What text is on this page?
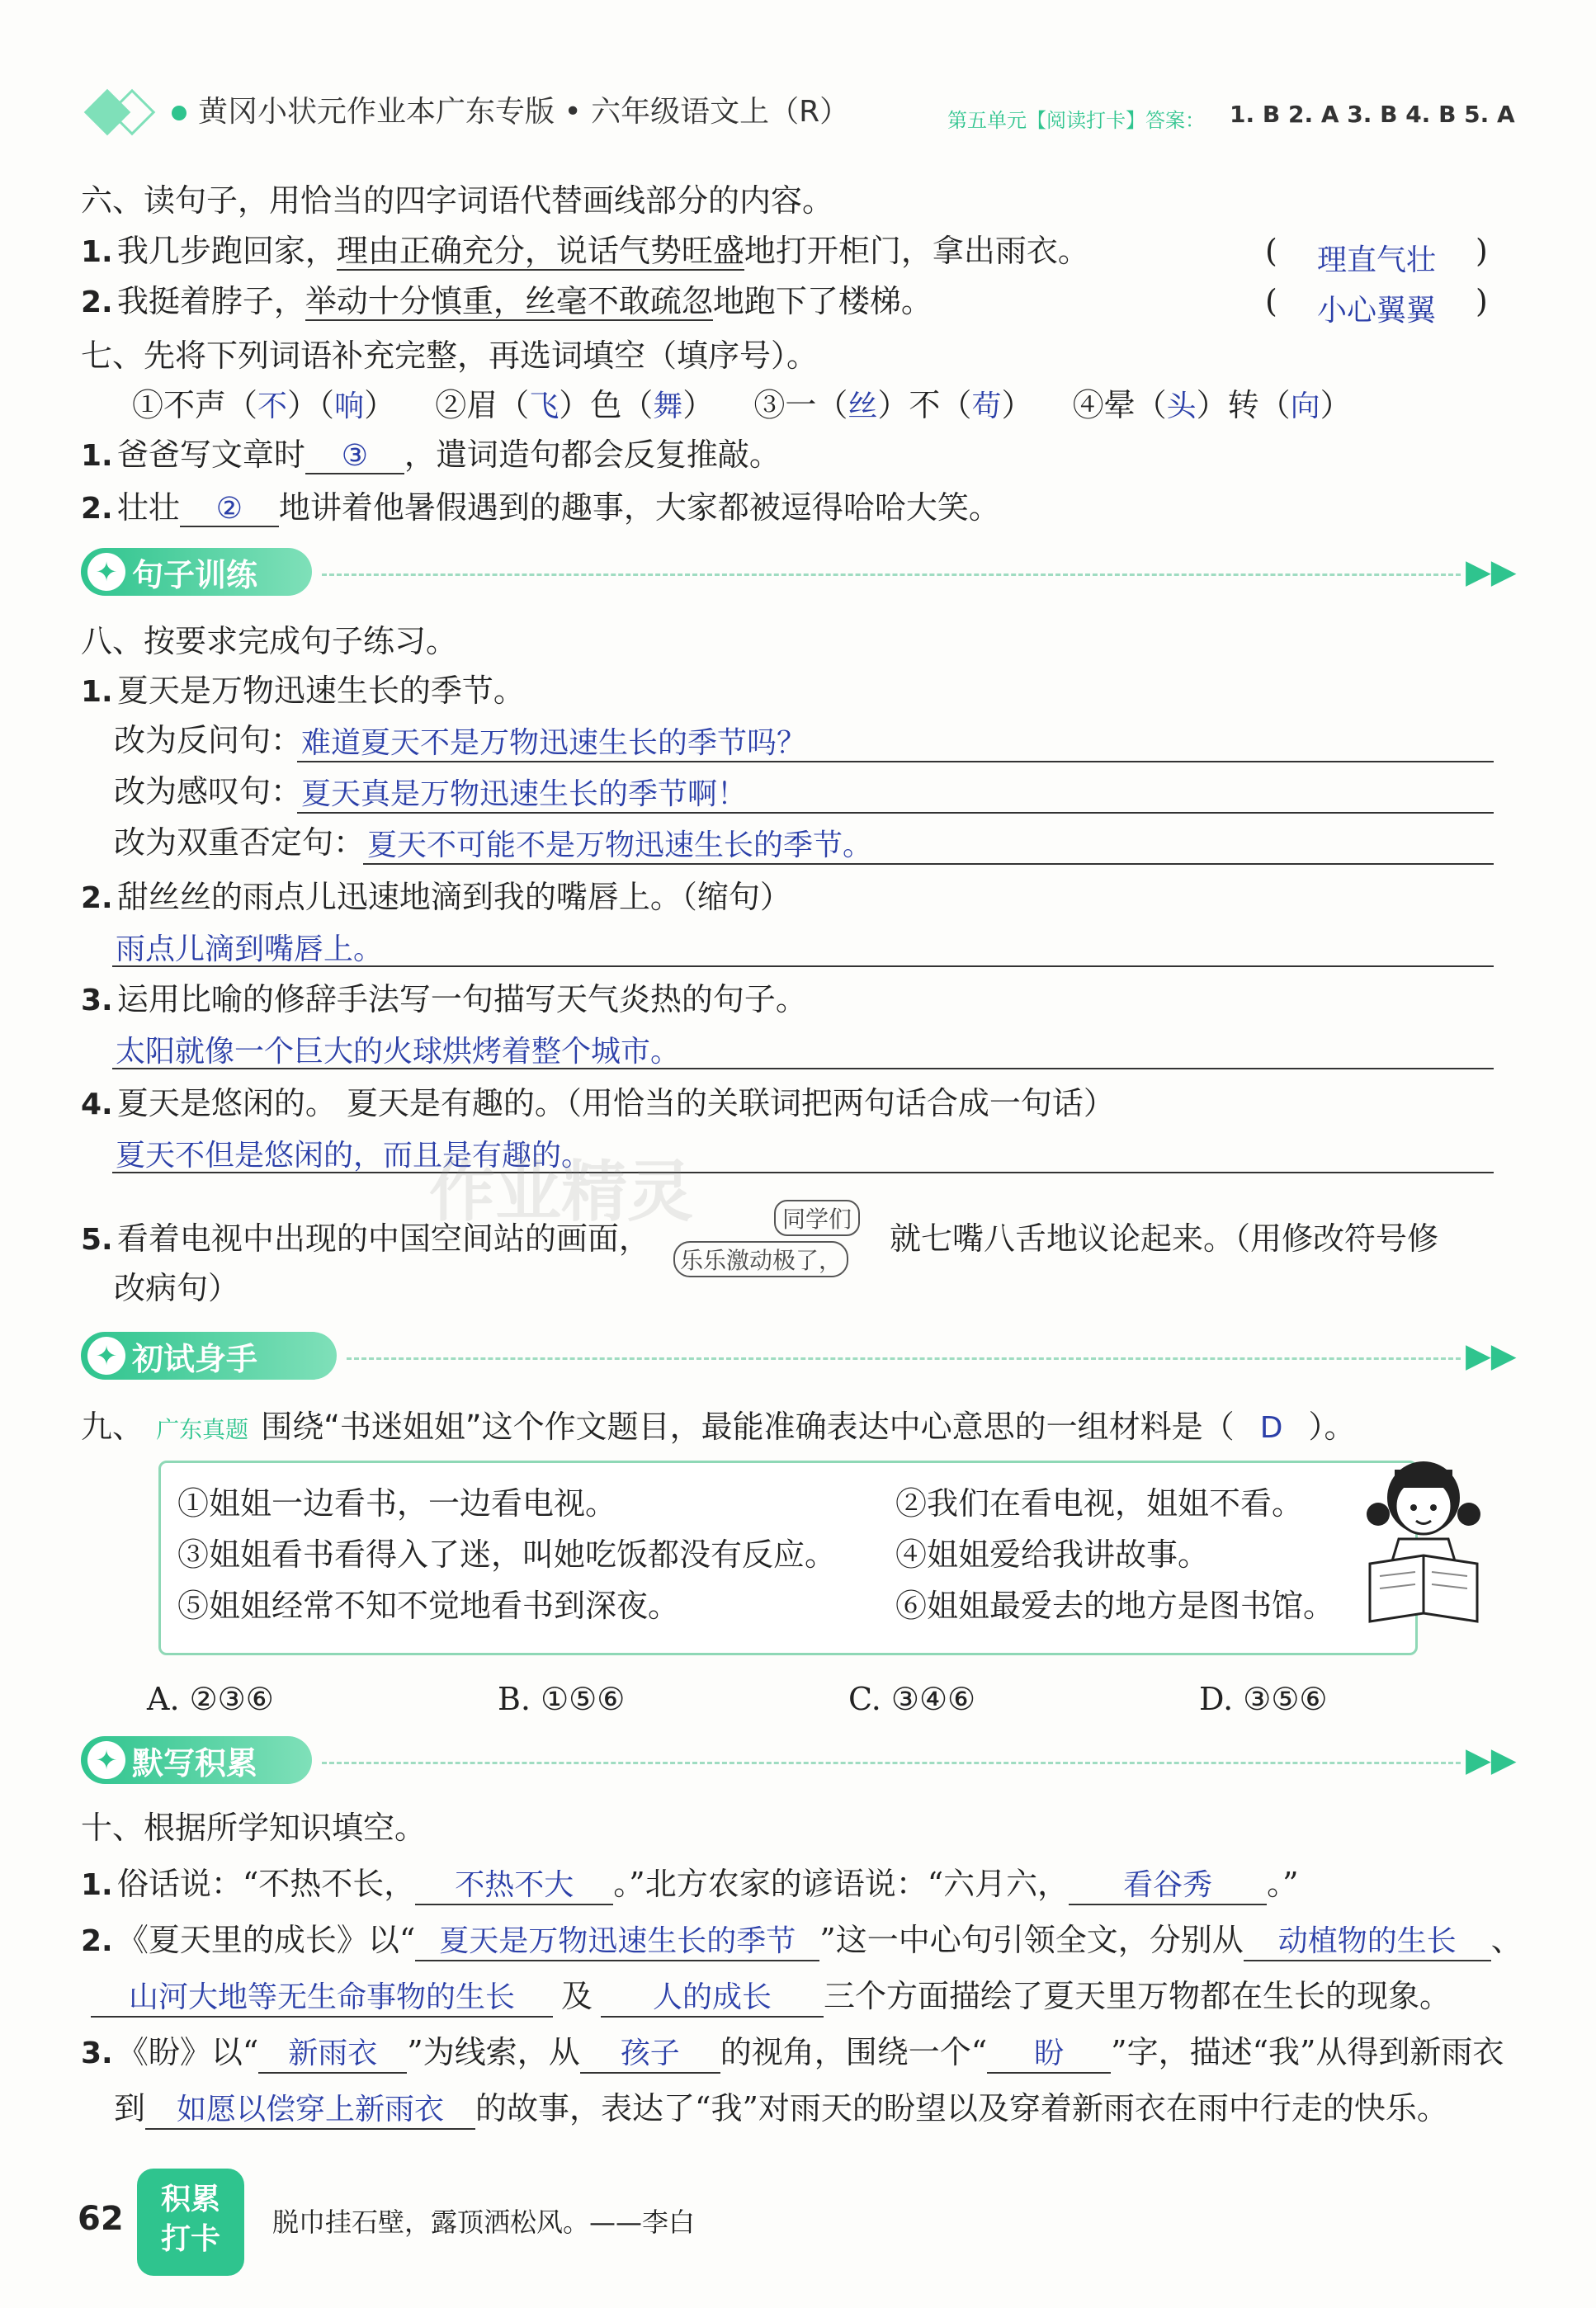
黄冈小状元作业本广东专版 • 六年级语文上（R）	第五单元【阅读打卡】答案： 1. B 2. A 3. B 4. B 5. A
六、读句子，用恰当的四字词语代替画线部分的内容。
1. 我几步跑回家，理由正确充分，说话气势旺盛地打开柜门，拿出雨衣。	( 理直气壮 )
2. 我挺着脖子，举动十分慎重，丝毫不敢疏忽地跑下了楼梯。	( 小心翼翼 )
七、先将下列词语补充完整，再选词填空（填序号）。
①不声（不）（响） ②眉（飞）色（舞） ③一（丝）不（苟） ④晕（头）转（向）
1. 爸爸写文章时 ③ ，遣词造句都会反复推敲。
2. 壮壮 ② 地讲着他暑假遇到的趣事，大家都被逗得哈哈大笑。
✦ 句子训练	▶▶
八、按要求完成句子练习。
1. 夏天是万物迅速生长的季节。
改为反问句：
难道夏天不是万物迅速生长的季节吗？
改为感叹句：
夏天真是万物迅速生长的季节啊！
改为双重否定句： 夏天不可能不是万物迅速生长的季节。
2. 甜丝丝的雨点儿迅速地滴到我的嘴唇上。（缩句）
雨点儿滴到嘴唇上。
3. 运用比喻的修辞手法写一句描写天气炎热的句子。
太阳就像一个巨大的火球烘烤着整个城市。
4. 夏天是悠闲的。 夏天是有趣的。（用恰当的关联词把两句话合成一句话）
夏天不但是悠闲的，而且是有趣的。
5. 看着电视中出现的中国空间站的画面，
乐乐激动极了，
同学们
就七嘴八舌地议论起来。（用修改符号修
改病句）
✦ 初试身手	▶▶
九、 广东真题 围绕“书迷姐姐”这个作文题目，最能准确表达中心意思的一组材料是（ D ）。
①姐姐一边看书，一边看电视。	②我们在看电视，姐姐不看。
③姐姐看书看得入了迷，叫她吃饭都没有反应。 ④姐姐爱给我讲故事。
⑤姐姐经常不知不觉地看书到深夜。	⑥姐姐最爱去的地方是图书馆。
A. ②③⑥	B. ①⑤⑥	C. ③④⑥	D. ③⑤⑥
✦ 默写积累	▶▶
十、根据所学知识填空。
1. 俗话说：“不热不长， 不热不大 。”北方农家的谚语说：“六月六， 看谷秀 。”
2. 《夏天里的成长》以“ 夏天是万物迅速生长的季节 ”这一中心句引领全文，分别从 动植物的生长 、
山河大地等无生命事物的生长 及 人的成长 三个方面描绘了夏天里万物都在生长的现象。
3. 《盼》以“ 新雨衣 ”为线索，从 孩子 的视角，围绕一个“ 盼 ”字，描述“我”从得到新雨衣
到 如愿以偿穿上新雨衣 的故事，表达了“我”对雨天的盼望以及穿着新雨衣在雨中行走的快乐。
62
积累
打卡	脱巾挂石壁，露顶洒松风。——李白
作业精灵
